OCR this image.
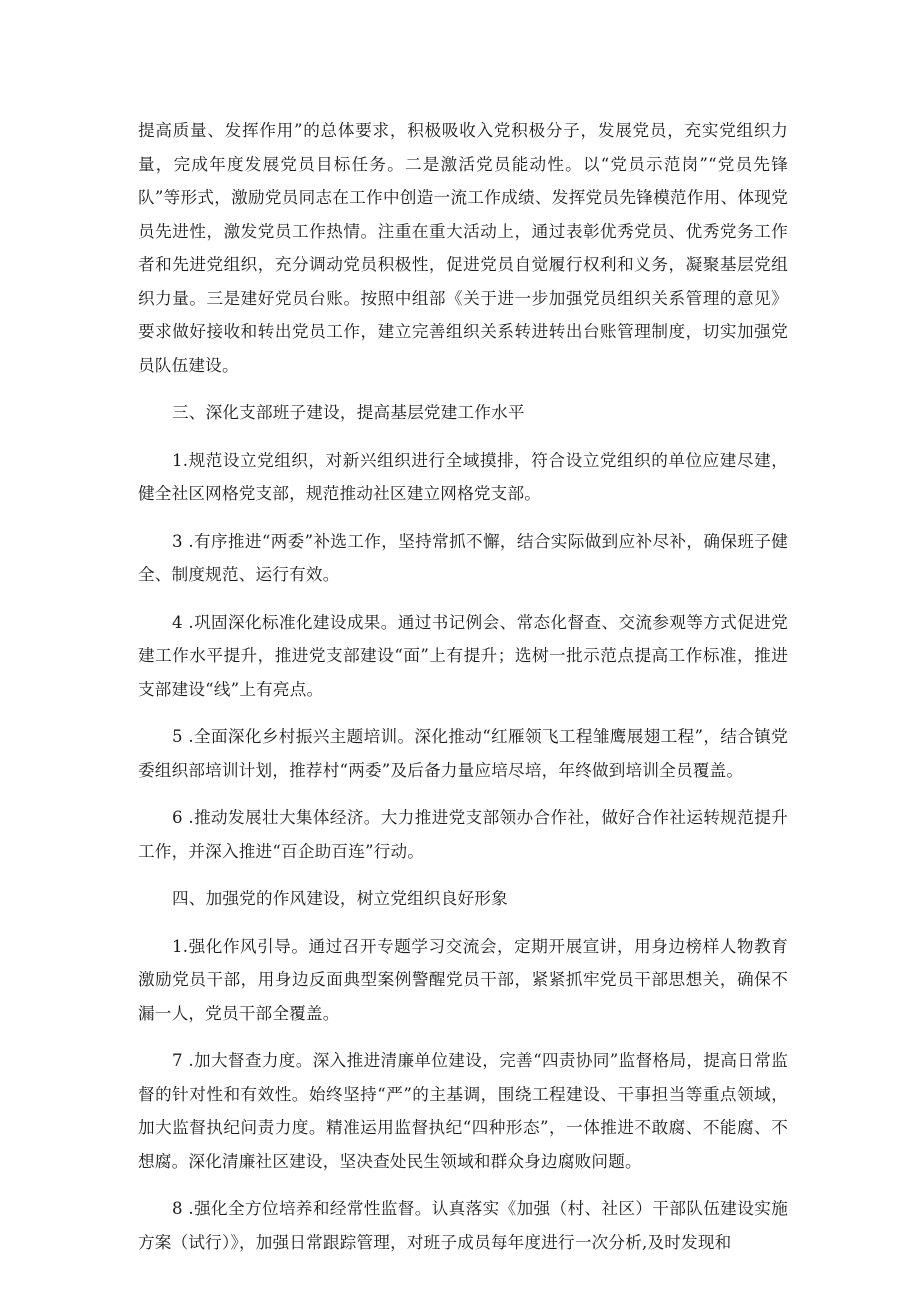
提高质量、发挥作用”的总体要求，积极吸收入党积极分子，发展党员，充实党组织力量，完成年度发展党员目标任务。二是激活党员能动性。以“党员示范岗”“党员先锋队”等形式，激励党员同志在工作中创造一流工作成绩、发挥党员先锋模范作用、体现党员先进性，激发党员工作热情。注重在重大活动上，通过表彰优秀党员、优秀党务工作者和先进党组织，充分调动党员积极性，促进党员自觉履行权利和义务，凝聚基层党组织力量。三是建好党员台账。按照中组部《关于进一步加强党员组织关系管理的意见》要求做好接收和转出党员工作，建立完善组织关系转进转出台账管理制度，切实加强党员队伍建设。

三、深化支部班子建设，提高基层党建工作水平

1.规范设立党组织，对新兴组织进行全域摸排，符合设立党组织的单位应建尽建，健全社区网格党支部，规范推动社区建立网格党支部。

3 .有序推进“两委”补选工作，坚持常抓不懈，结合实际做到应补尽补，确保班子健全、制度规范、运行有效。

4 .巩固深化标准化建设成果。通过书记例会、常态化督查、交流参观等方式促进党建工作水平提升，推进党支部建设“面”上有提升；选树一批示范点提高工作标准，推进支部建设“线”上有亮点。

5 .全面深化乡村振兴主题培训。深化推动“红雁领飞工程雏鹰展翅工程”，结合镇党委组织部培训计划，推荐村“两委”及后备力量应培尽培，年终做到培训全员覆盖。

6 .推动发展壮大集体经济。大力推进党支部领办合作社，做好合作社运转规范提升工作，并深入推进“百企助百连”行动。

四、加强党的作风建设，树立党组织良好形象

1.强化作风引导。通过召开专题学习交流会，定期开展宣讲，用身边榜样人物教育激励党员干部，用身边反面典型案例警醒党员干部，紧紧抓牢党员干部思想关，确保不漏一人，党员干部全覆盖。

7 .加大督查力度。深入推进清廉单位建设，完善“四责协同”监督格局，提高日常监督的针对性和有效性。始终坚持“严”的主基调，围绕工程建设、干事担当等重点领域，加大监督执纪问责力度。精准运用监督执纪“四种形态”，一体推进不敢腐、不能腐、不想腐。深化清廉社区建设，坚决查处民生领域和群众身边腐败问题。

8 .强化全方位培养和经常性监督。认真落实《加强（村、社区）干部队伍建设实施方案（试行）》，加强日常跟踪管理，对班子成员每年度进行一次分析,及时发现和
